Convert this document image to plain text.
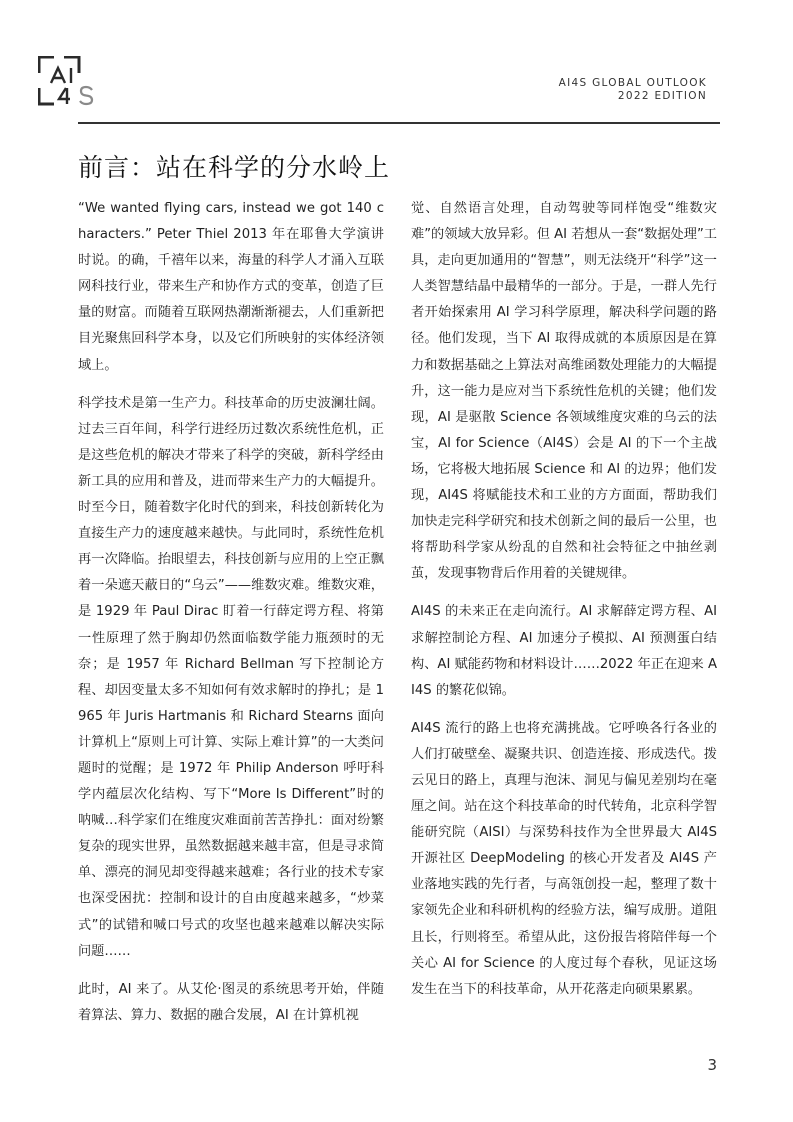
AI4S GLOBAL OUTLOOK
2022 EDITION
前言：站在科学的分水岭上

“We wanted flying cars, instead we got 140 characters.” Peter Thiel 2013 年在耶鲁大学演讲时说。的确，千禧年以来，海量的科学人才涌入互联网科技行业，带来生产和协作方式的变革，创造了巨量的财富。而随着互联网热潮渐渐褪去，人们重新把目光聚焦回科学本身，以及它们所映射的实体经济领域上。

科学技术是第一生产力。科技革命的历史波澜壮阔。过去三百年间，科学行进经历过数次系统性危机，正是这些危机的解决才带来了科学的突破，新科学经由新工具的应用和普及，进而带来生产力的大幅提升。时至今日，随着数字化时代的到来，科技创新转化为直接生产力的速度越来越快。与此同时，系统性危机再一次降临。抬眼望去，科技创新与应用的上空正飘着一朵遮天蔽日的“乌云”——维数灾难。维数灾难，是 1929 年 Paul Dirac 盯着一行薛定谔方程、将第一性原理了然于胸却仍然面临数学能力瓶颈时的无奈；是 1957 年 Richard Bellman 写下控制论方程、却因变量太多不知如何有效求解时的挣扎；是 1965 年 Juris Hartmanis 和 Richard Stearns 面向计算机上“原则上可计算、实际上难计算”的一大类问题时的觉醒；是 1972 年 Philip Anderson 呼吁科学内蕴层次化结构、写下“More Is Different”时的呐喊…科学家们在维度灾难面前苦苦挣扎：面对纷繁复杂的现实世界，虽然数据越来越丰富，但是寻求简单、漂亮的洞见却变得越来越难；各行业的技术专家也深受困扰：控制和设计的自由度越来越多，“炒菜式”的试错和喊口号式的攻坚也越来越难以解决实际问题……

此时，AI 来了。从艾伦·图灵的系统思考开始，伴随着算法、算力、数据的融合发展，AI 在计算机视

觉、自然语言处理，自动驾驶等同样饱受“维数灾难”的领域大放异彩。但 AI 若想从一套“数据处理”工具，走向更加通用的“智慧”，则无法绕开“科学”这一人类智慧结晶中最精华的一部分。于是，一群人先行者开始探索用 AI 学习科学原理，解决科学问题的路径。他们发现，当下 AI 取得成就的本质原因是在算力和数据基础之上算法对高维函数处理能力的大幅提升，这一能力是应对当下系统性危机的关键；他们发现，AI 是驱散 Science 各领域维度灾难的乌云的法宝，AI for Science（AI4S）会是 AI 的下一个主战场，它将极大地拓展 Science 和 AI 的边界；他们发现，AI4S 将赋能技术和工业的方方面面，帮助我们加快走完科学研究和技术创新之间的最后一公里，也将帮助科学家从纷乱的自然和社会特征之中抽丝剥茧，发现事物背后作用着的关键规律。

AI4S 的未来正在走向流行。AI 求解薛定谔方程、AI 求解控制论方程、AI 加速分子模拟、AI 预测蛋白结构、AI 赋能药物和材料设计……2022 年正在迎来 AI4S 的繁花似锦。

AI4S 流行的路上也将充满挑战。它呼唤各行各业的人们打破壁垒、凝聚共识、创造连接、形成迭代。拨云见日的路上，真理与泡沫、洞见与偏见差别均在毫厘之间。站在这个科技革命的时代转角，北京科学智能研究院（AISI）与深势科技作为全世界最大 AI4S 开源社区 DeepModeling 的核心开发者及 AI4S 产业落地实践的先行者，与高瓴创投一起，整理了数十家领先企业和科研机构的经验方法，编写成册。道阻且长，行则将至。希望从此，这份报告将陪伴每一个关心 AI for Science 的人度过每个春秋，见证这场发生在当下的科技革命，从开花落走向硕果累累。

3
